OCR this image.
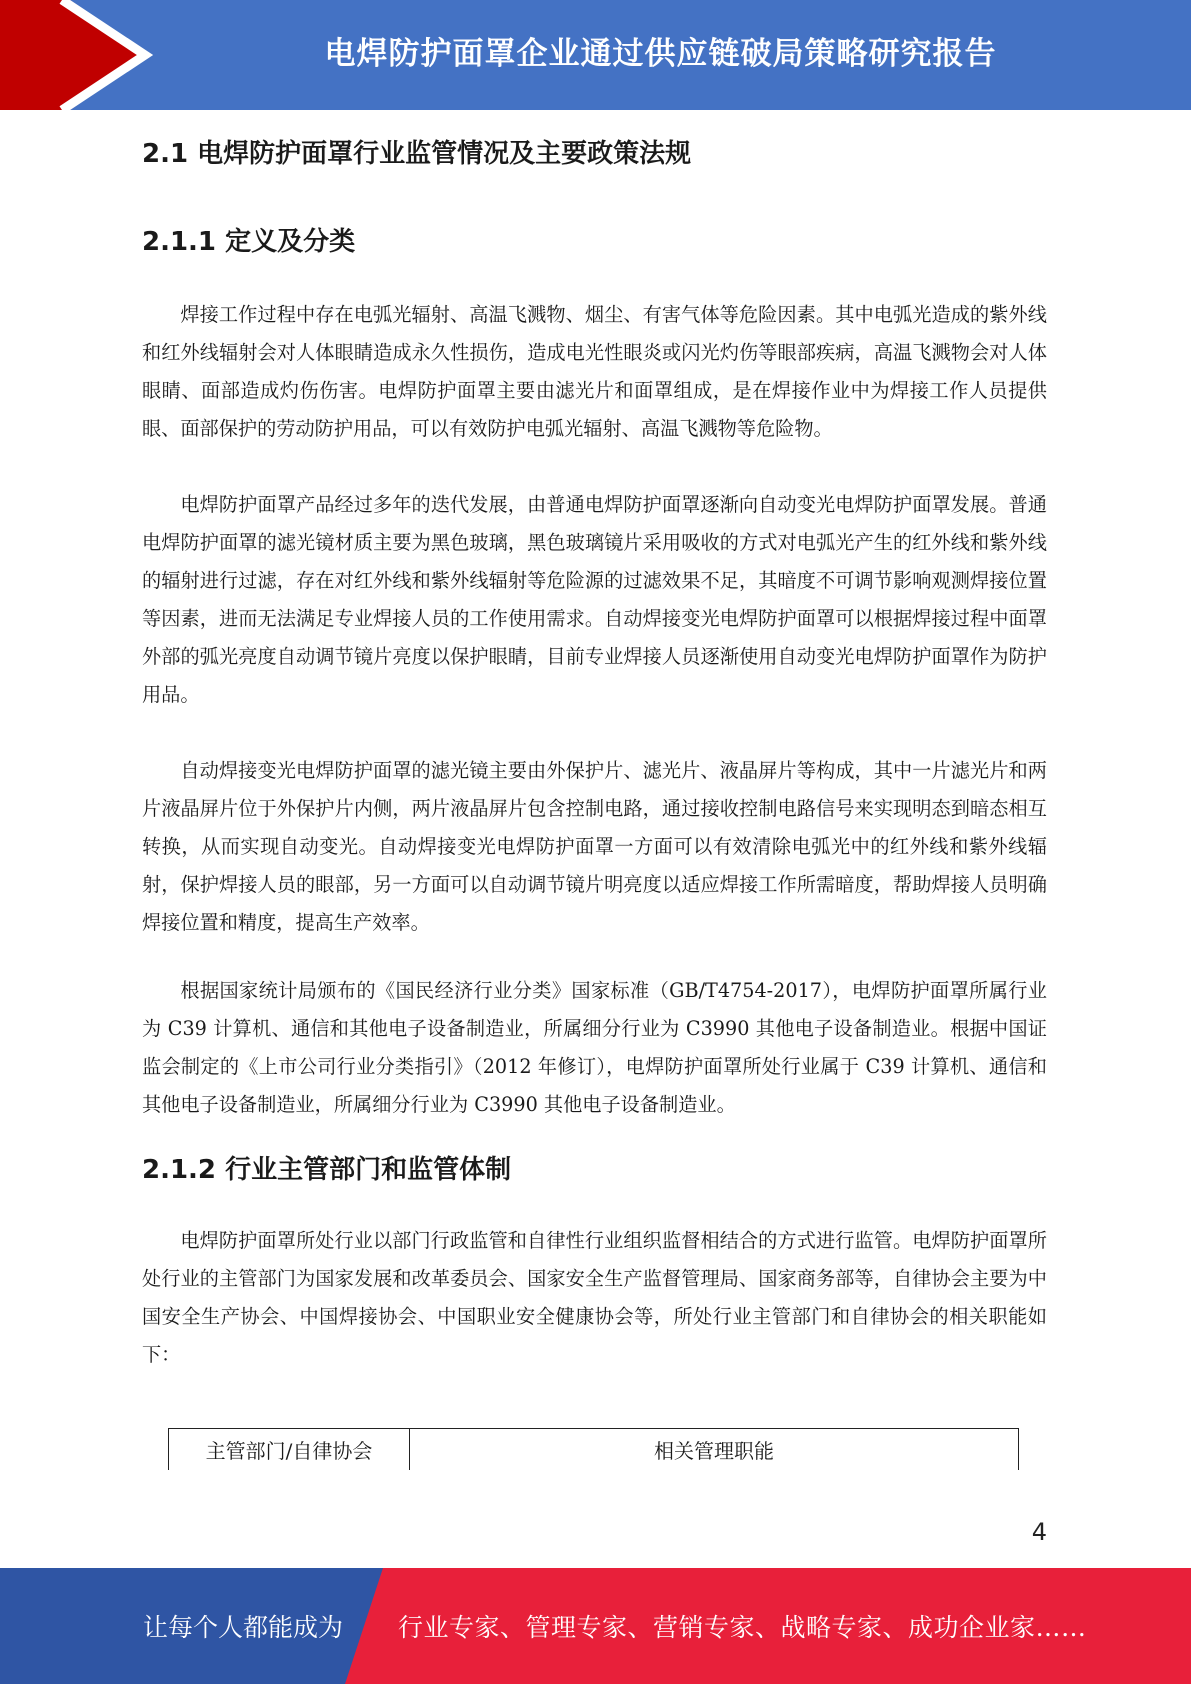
电焊防护面罩企业通过供应链破局策略研究报告
2.1 电焊防护面罩行业监管情况及主要政策法规
2.1.1 定义及分类

焊接工作过程中存在电弧光辐射、高温飞溅物、烟尘、有害气体等危险因素。其中电弧光造成的紫外线和红外线辐射会对人体眼睛造成永久性损伤，造成电光性眼炎或闪光灼伤等眼部疾病，高温飞溅物会对人体眼睛、面部造成灼伤伤害。电焊防护面罩主要由滤光片和面罩组成，是在焊接作业中为焊接工作人员提供眼、面部保护的劳动防护用品，可以有效防护电弧光辐射、高温飞溅物等危险物。

电焊防护面罩产品经过多年的迭代发展，由普通电焊防护面罩逐渐向自动变光电焊防护面罩发展。普通电焊防护面罩的滤光镜材质主要为黑色玻璃，黑色玻璃镜片采用吸收的方式对电弧光产生的红外线和紫外线的辐射进行过滤，存在对红外线和紫外线辐射等危险源的过滤效果不足，其暗度不可调节影响观测焊接位置等因素，进而无法满足专业焊接人员的工作使用需求。自动焊接变光电焊防护面罩可以根据焊接过程中面罩外部的弧光亮度自动调节镜片亮度以保护眼睛，目前专业焊接人员逐渐使用自动变光电焊防护面罩作为防护用品。

自动焊接变光电焊防护面罩的滤光镜主要由外保护片、滤光片、液晶屏片等构成，其中一片滤光片和两片液晶屏片位于外保护片内侧，两片液晶屏片包含控制电路，通过接收控制电路信号来实现明态到暗态相互转换，从而实现自动变光。自动焊接变光电焊防护面罩一方面可以有效清除电弧光中的红外线和紫外线辐射，保护焊接人员的眼部，另一方面可以自动调节镜片明亮度以适应焊接工作所需暗度，帮助焊接人员明确焊接位置和精度，提高生产效率。

根据国家统计局颁布的《国民经济行业分类》国家标准（GB/T4754-2017），电焊防护面罩所属行业为 C39 计算机、通信和其他电子设备制造业，所属细分行业为 C3990 其他电子设备制造业。根据中国证监会制定的《上市公司行业分类指引》（2012 年修订），电焊防护面罩所处行业属于 C39 计算机、通信和其他电子设备制造业，所属细分行业为 C3990 其他电子设备制造业。

2.1.2 行业主管部门和监管体制

电焊防护面罩所处行业以部门行政监管和自律性行业组织监督相结合的方式进行监管。电焊防护面罩所处行业的主管部门为国家发展和改革委员会、国家安全生产监督管理局、国家商务部等，自律协会主要为中国安全生产协会、中国焊接协会、中国职业安全健康协会等，所处行业主管部门和自律协会的相关职能如下：

主管部门/自律协会	相关管理职能
4
让每个人都能成为 行业专家、管理专家、营销专家、战略专家、成功企业家……
